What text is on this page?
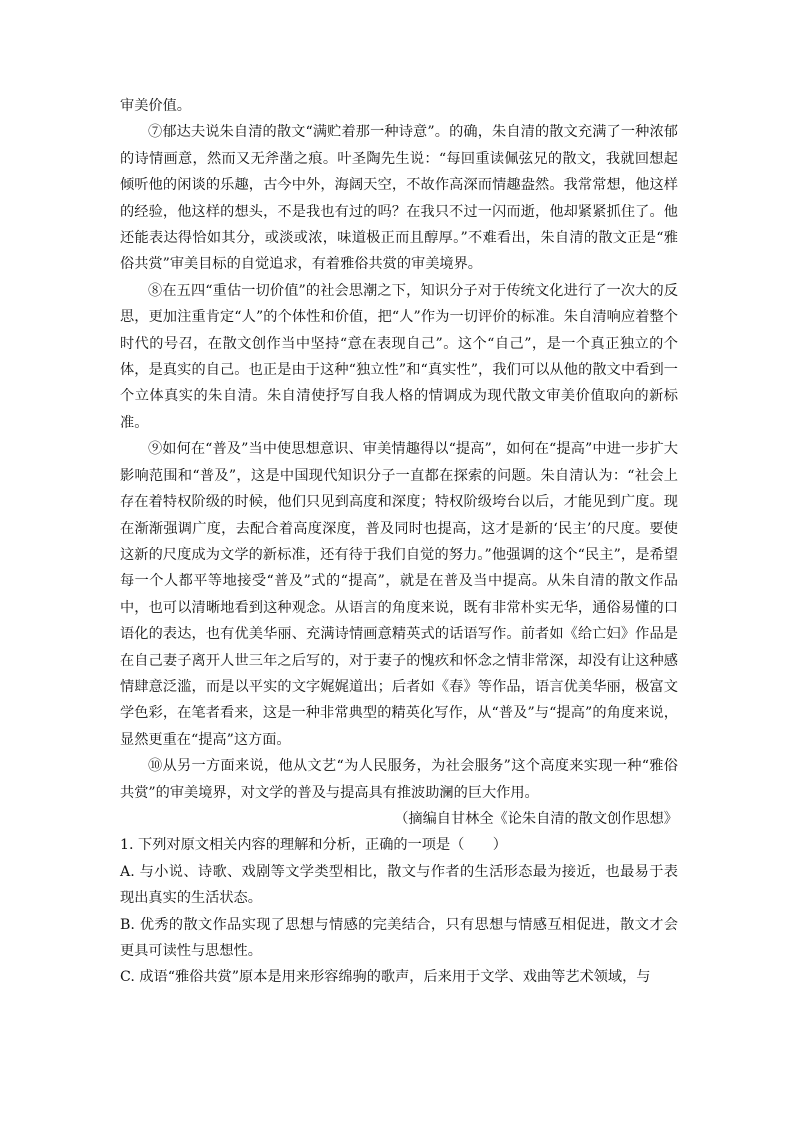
审美价值。

⑦郁达夫说朱自清的散文“满贮着那一种诗意”。的确，朱自清的散文充满了一种浓郁的诗情画意，然而又无斧凿之痕。叶圣陶先生说：“每回重读佩弦兄的散文，我就回想起倾听他的闲谈的乐趣，古今中外，海阔天空，不故作高深而情趣盎然。我常常想，他这样的经验，他这样的想头，不是我也有过的吗？在我只不过一闪而逝，他却紧紧抓住了。他还能表达得恰如其分，或淡或浓，味道极正而且醇厚。”不难看出，朱自清的散文正是“雅俗共赏”审美目标的自觉追求，有着雅俗共赏的审美境界。

⑧在五四“重估一切价值”的社会思潮之下，知识分子对于传统文化进行了一次大的反思，更加注重肯定“人”的个体性和价值，把“人”作为一切评价的标准。朱自清响应着整个时代的号召，在散文创作当中坚持“意在表现自己”。这个“自己”，是一个真正独立的个体，是真实的自己。也正是由于这种“独立性”和“真实性”，我们可以从他的散文中看到一个立体真实的朱自清。朱自清使抒写自我人格的情调成为现代散文审美价值取向的新标准。

⑨如何在“普及”当中使思想意识、审美情趣得以“提高”，如何在“提高”中进一步扩大影响范围和“普及”，这是中国现代知识分子一直都在探索的问题。朱自清认为：“社会上存在着特权阶级的时候，他们只见到高度和深度；特权阶级垮台以后，才能见到广度。现在渐渐强调广度，去配合着高度深度，普及同时也提高，这才是新的‘民主’的尺度。要使这新的尺度成为文学的新标准，还有待于我们自觉的努力。”他强调的这个“民主”，是希望每一个人都平等地接受“普及”式的“提高”，就是在普及当中提高。从朱自清的散文作品中，也可以清晰地看到这种观念。从语言的角度来说，既有非常朴实无华，通俗易懂的口语化的表达，也有优美华丽、充满诗情画意精英式的话语写作。前者如《给亡妇》作品是在自己妻子离开人世三年之后写的，对于妻子的愧疚和怀念之情非常深，却没有让这种感情肆意泛滥，而是以平实的文字娓娓道出；后者如《春》等作品，语言优美华丽，极富文学色彩，在笔者看来，这是一种非常典型的精英化写作，从“普及”与“提高”的角度来说，显然更重在“提高”这方面。

⑩从另一方面来说，他从文艺“为人民服务，为社会服务”这个高度来实现一种“雅俗共赏”的审美境界，对文学的普及与提高具有推波助澜的巨大作用。

（摘编自甘林全《论朱自清的散文创作思想》

1. 下列对原文相关内容的理解和分析，正确的一项是（　　）

A. 与小说、诗歌、戏剧等文学类型相比，散文与作者的生活形态最为接近，也最易于表现出真实的生活状态。

B. 优秀的散文作品实现了思想与情感的完美结合，只有思想与情感互相促进，散文才会更具可读性与思想性。

C. 成语“雅俗共赏”原本是用来形容绵驹的歌声，后来用于文学、戏曲等艺术领域，与
